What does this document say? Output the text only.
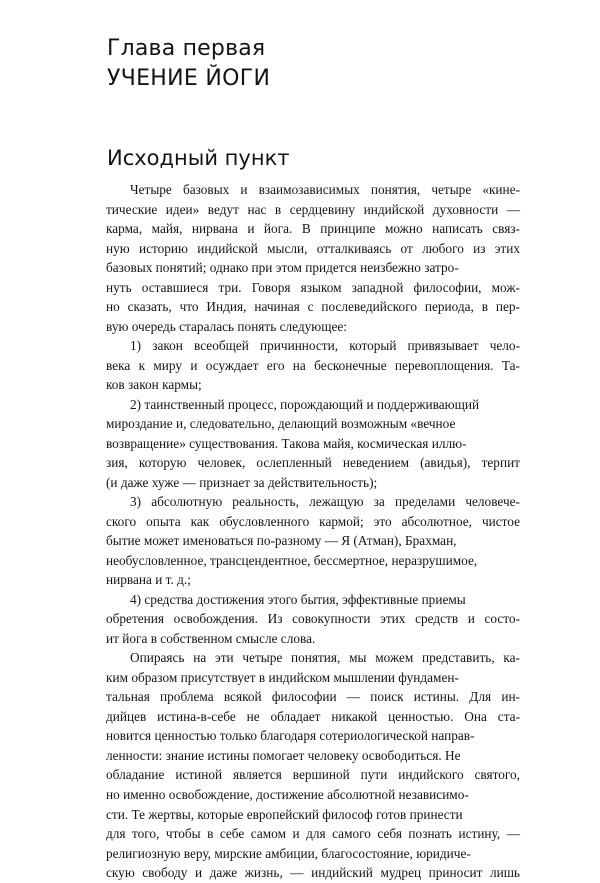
Глава первая
УЧЕНИЕ ЙОГИ
Исходный пункт
Четыре базовых и взаимозависимых понятия, четыре «кине-
тические идеи» ведут нас в сердцевину индийской духовности —
карма, майя, нирвана и йога. В принципе можно написать связ-
ную историю индийской мысли, отталкиваясь от любого из этих
базовых понятий; однако при этом придется неизбежно затро-
нуть оставшиеся три. Говоря языком западной философии, мож-
но сказать, что Индия, начиная с послеведийского периода, в пер-
вую очередь старалась понять следующее:
1) закон всеобщей причинности, который привязывает чело-
века к миру и осуждает его на бесконечные перевоплощения. Та-
ков закон кармы;
2) таинственный процесс, порождающий и поддерживающий
мироздание и, следовательно, делающий возможным «вечное
возвращение» существования. Такова майя, космическая иллю-
зия, которую человек, ослепленный неведением (авидья), терпит
(и даже хуже — признает за действительность);
3) абсолютную реальность, лежащую за пределами человече-
ского опыта как обусловленного кармой; это абсолютное, чистое
бытие может именоваться по-разному — Я (Атман), Брахман,
необусловленное, трансцендентное, бессмертное, неразрушимое,
нирвана и т. д.;
4) средства достижения этого бытия, эффективные приемы
обретения освобождения. Из совокупности этих средств и состо-
ит йога в собственном смысле слова.
Опираясь на эти четыре понятия, мы можем представить, ка-
ким образом присутствует в индийском мышлении фундамен-
тальная проблема всякой философии — поиск истины. Для ин-
дийцев истина-в-себе не обладает никакой ценностью. Она ста-
новится ценностью только благодаря сотериологической направ-
ленности: знание истины помогает человеку освободиться. Не
обладание истиной является вершиной пути индийского святого,
но именно освобождение, достижение абсолютной независимо-
сти. Те жертвы, которые европейский философ готов принести
для того, чтобы в себе самом и для самого себя познать истину, —
религиозную веру, мирские амбиции, благосостояние, юридиче-
скую свободу и даже жизнь, — индийский мудрец приносит лишь
